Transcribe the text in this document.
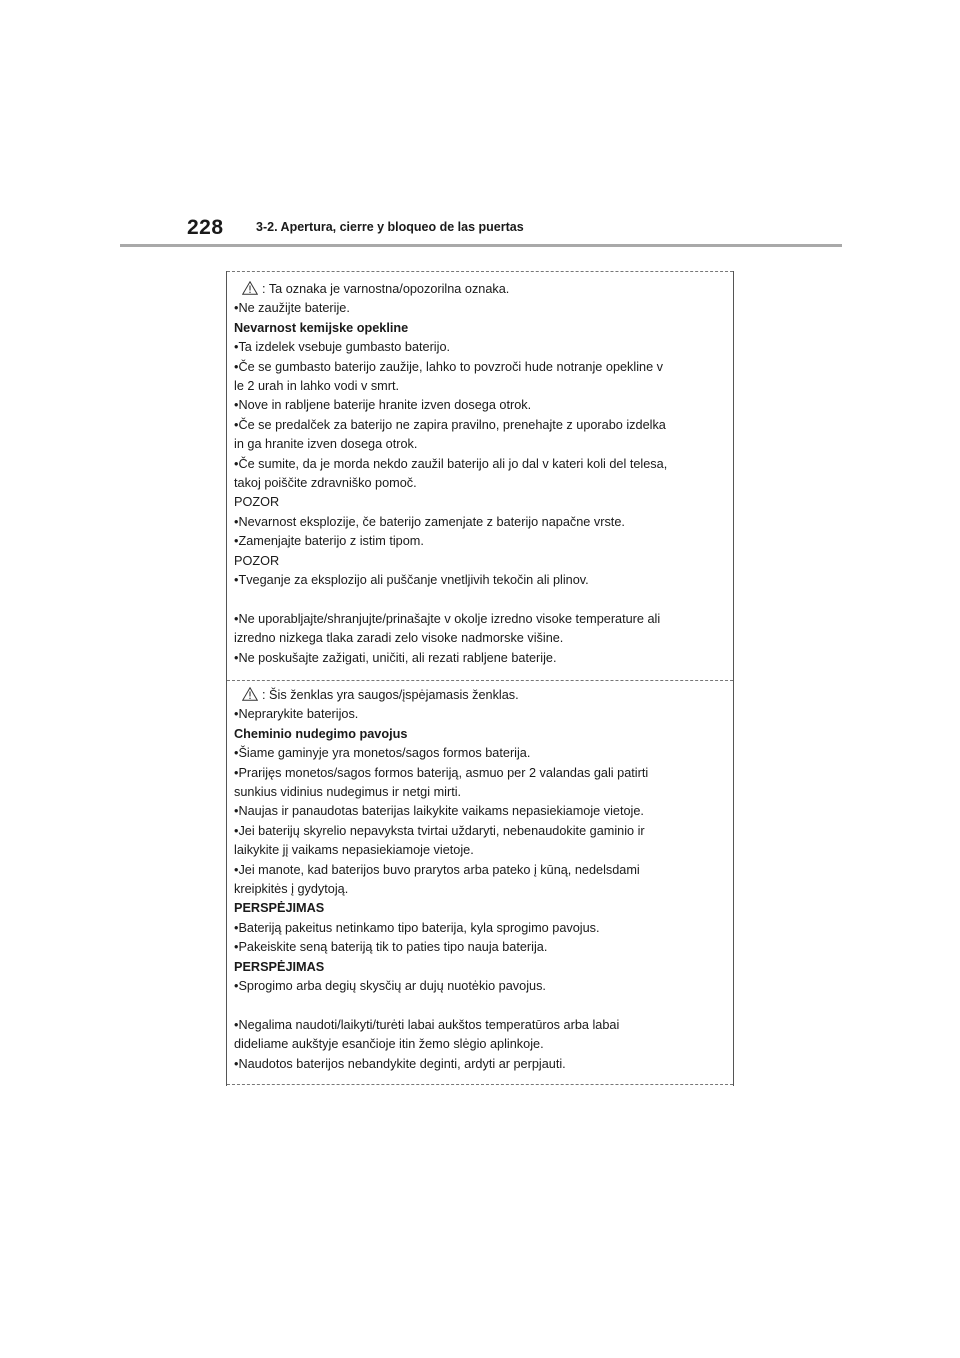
228	3-2. Apertura, cierre y bloqueo de las puertas

: Ta oznaka je varnostna/opozorilna oznaka.

•Ne zaužijte baterije.

Nevarnost kemijske opekline

•Ta izdelek vsebuje gumbasto baterijo.

•Če se gumbasto baterijo zaužije, lahko to povzroči hude notranje opekline v

le 2 urah in lahko vodi v smrt.

•Nove in rabljene baterije hranite izven dosega otrok.

•Če se predalček za baterijo ne zapira pravilno, prenehajte z uporabo izdelka

in ga hranite izven dosega otrok.

•Če sumite, da je morda nekdo zaužil baterijo ali jo dal v kateri koli del telesa,

takoj poiščite zdravniško pomoč.

POZOR

•Nevarnost eksplozije, če baterijo zamenjate z baterijo napačne vrste.

•Zamenjajte baterijo z istim tipom.

POZOR

•Tveganje za eksplozijo ali puščanje vnetljivih tekočin ali plinov.

•Ne uporabljajte/shranjujte/prinašajte v okolje izredno visoke temperature ali

izredno nizkega tlaka zaradi zelo visoke nadmorske višine.

•Ne poskušajte zažigati, uničiti, ali rezati rabljene baterije.

: Šis ženklas yra saugos/įspėjamasis ženklas.

•Neprarykite baterijos.

Cheminio nudegimo pavojus

•Šiame gaminyje yra monetos/sagos formos baterija.

•Prarijęs monetos/sagos formos bateriją, asmuo per 2 valandas gali patirti

sunkius vidinius nudegimus ir netgi mirti.

•Naujas ir panaudotas baterijas laikykite vaikams nepasiekiamoje vietoje.

•Jei baterijų skyrelio nepavyksta tvirtai uždaryti, nebenaudokite gaminio ir

laikykite jį vaikams nepasiekiamoje vietoje.

•Jei manote, kad baterijos buvo prarytos arba pateko į kūną, nedelsdami

kreipkitės į gydytoją.

PERSPĖJIMAS

•Bateriją pakeitus netinkamo tipo baterija, kyla sprogimo pavojus.

•Pakeiskite seną bateriją tik to paties tipo nauja baterija.

PERSPĖJIMAS

•Sprogimo arba degių skysčių ar dujų nuotėkio pavojus.

•Negalima naudoti/laikyti/turėti labai aukštos temperatūros arba labai

dideliame aukštyje esančioje itin žemo slėgio aplinkoje.

•Naudotos baterijos nebandykite deginti, ardyti ar perpjauti.
